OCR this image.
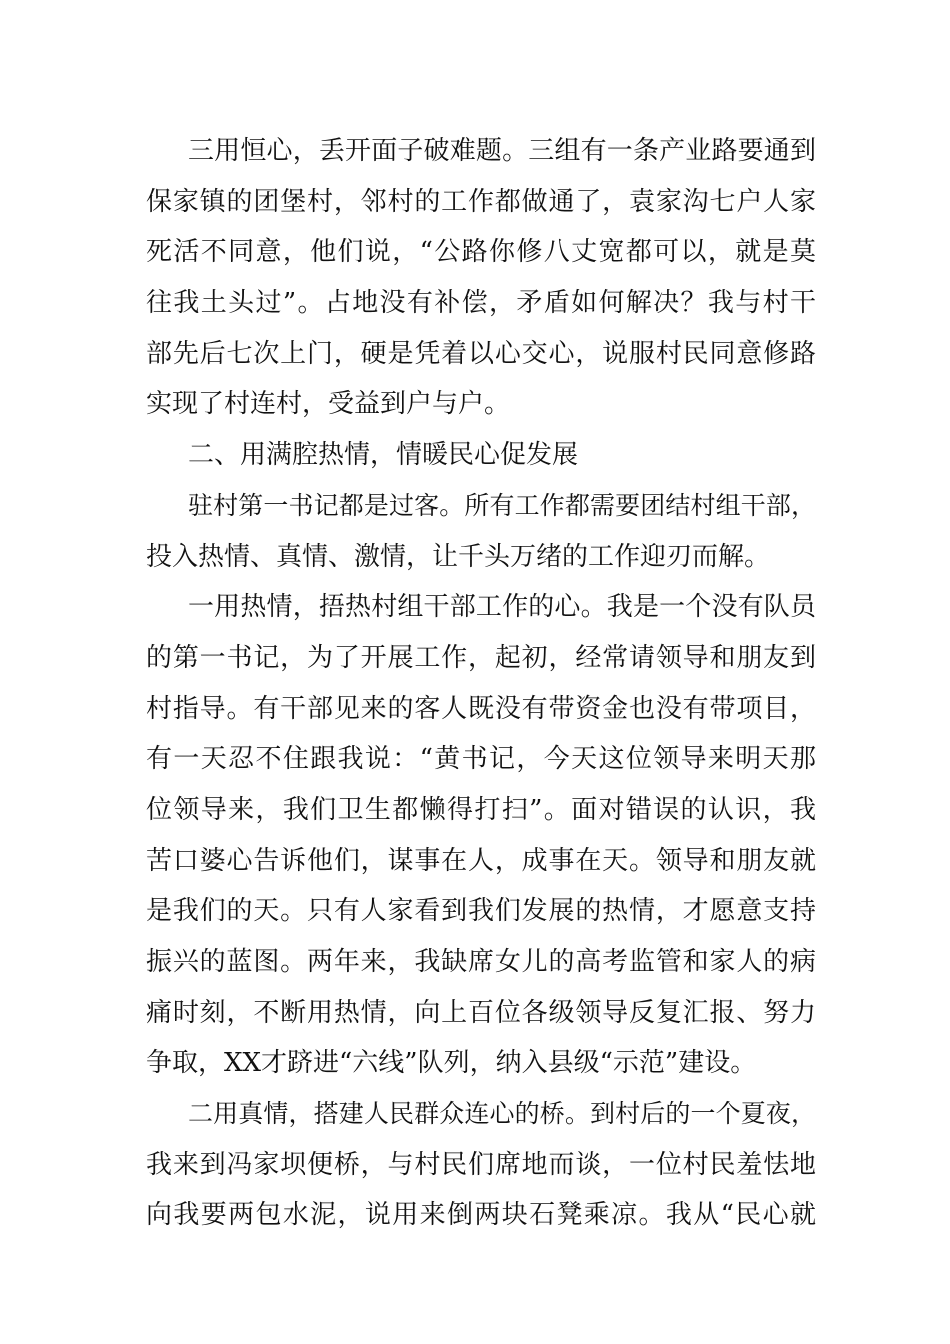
三用恒心，丢开面子破难题。三组有一条产业路要通到
保家镇的团堡村，邻村的工作都做通了，袁家沟七户人家
死活不同意，他们说，“公路你修八丈宽都可以，就是莫
往我土头过”。占地没有补偿，矛盾如何解决？我与村干
部先后七次上门，硬是凭着以心交心，说服村民同意修路
实现了村连村，受益到户与户。
二、用满腔热情，情暖民心促发展
驻村第一书记都是过客。所有工作都需要团结村组干部，
投入热情、真情、激情，让千头万绪的工作迎刃而解。
一用热情，捂热村组干部工作的心。我是一个没有队员
的第一书记，为了开展工作，起初，经常请领导和朋友到
村指导。有干部见来的客人既没有带资金也没有带项目，
有一天忍不住跟我说：“黄书记，今天这位领导来明天那
位领导来，我们卫生都懒得打扫”。面对错误的认识，我
苦口婆心告诉他们，谋事在人，成事在天。领导和朋友就
是我们的天。只有人家看到我们发展的热情，才愿意支持
振兴的蓝图。两年来，我缺席女儿的高考监管和家人的病
痛时刻，不断用热情，向上百位各级领导反复汇报、努力
争取，XX才跻进“六线”队列，纳入县级“示范”建设。
二用真情，搭建人民群众连心的桥。到村后的一个夏夜，
我来到冯家坝便桥，与村民们席地而谈，一位村民羞怯地
向我要两包水泥，说用来倒两块石凳乘凉。我从“民心就
